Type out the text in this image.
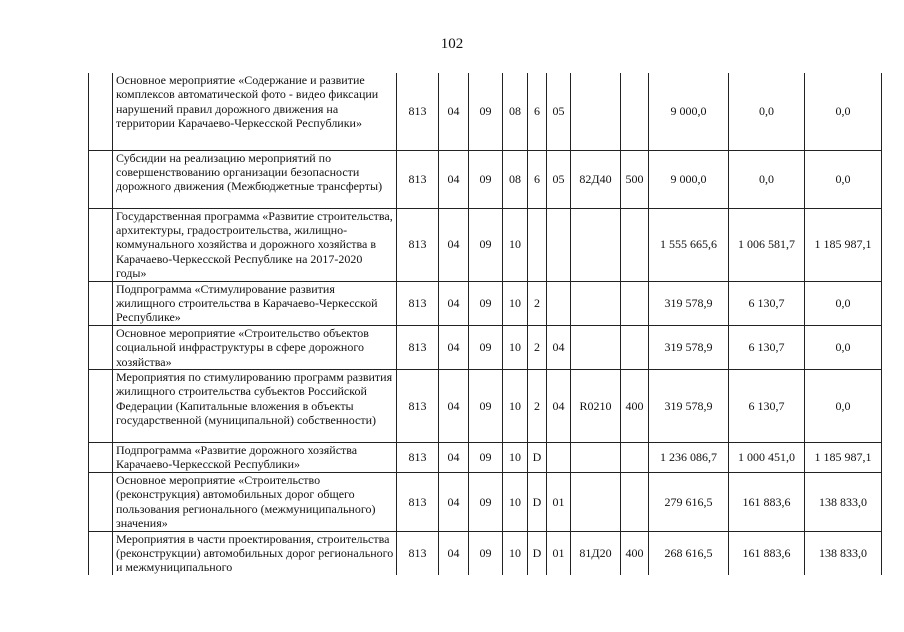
102
	Основное мероприятие «Содержание и развитие комплексов автоматической фото - видео фиксации нарушений правил дорожного движения на территории Карачаево-Черкесской Республики»	813	04	09	08	6	05			9 000,0	0,0	0,0
	Субсидии на реализацию мероприятий по совершенствованию организации безопасности дорожного движения (Межбюджетные трансферты)	813	04	09	08	6	05	82Д40	500	9 000,0	0,0	0,0
	Государственная программа «Развитие строительства, архитектуры, градостроительства, жилищно-коммунального хозяйства и дорожного хозяйства в Карачаево-Черкесской Республике на 2017-2020 годы»	813	04	09	10					1 555 665,6	1 006 581,7	1 185 987,1
	Подпрограмма «Стимулирование развития жилищного строительства в Карачаево-Черкесской Республике»	813	04	09	10	2				319 578,9	6 130,7	0,0
	Основное мероприятие «Строительство объектов социальной инфраструктуры в сфере дорожного хозяйства»	813	04	09	10	2	04			319 578,9	6 130,7	0,0
	Мероприятия по стимулированию программ развития жилищного строительства субъектов Российской Федерации (Капитальные вложения в объекты государственной (муниципальной) собственности)	813	04	09	10	2	04	R0210	400	319 578,9	6 130,7	0,0
	Подпрограмма «Развитие дорожного хозяйства Карачаево-Черкесской Республики»	813	04	09	10	D				1 236 086,7	1 000 451,0	1 185 987,1
	Основное мероприятие «Строительство (реконструкция) автомобильных дорог общего пользования регионального (межмуниципального) значения»	813	04	09	10	D	01			279 616,5	161 883,6	138 833,0
	Мероприятия в части проектирования, строительства (реконструкции) автомобильных дорог регионального и межмуниципального	813	04	09	10	D	01	81Д20	400	268 616,5	161 883,6	138 833,0
